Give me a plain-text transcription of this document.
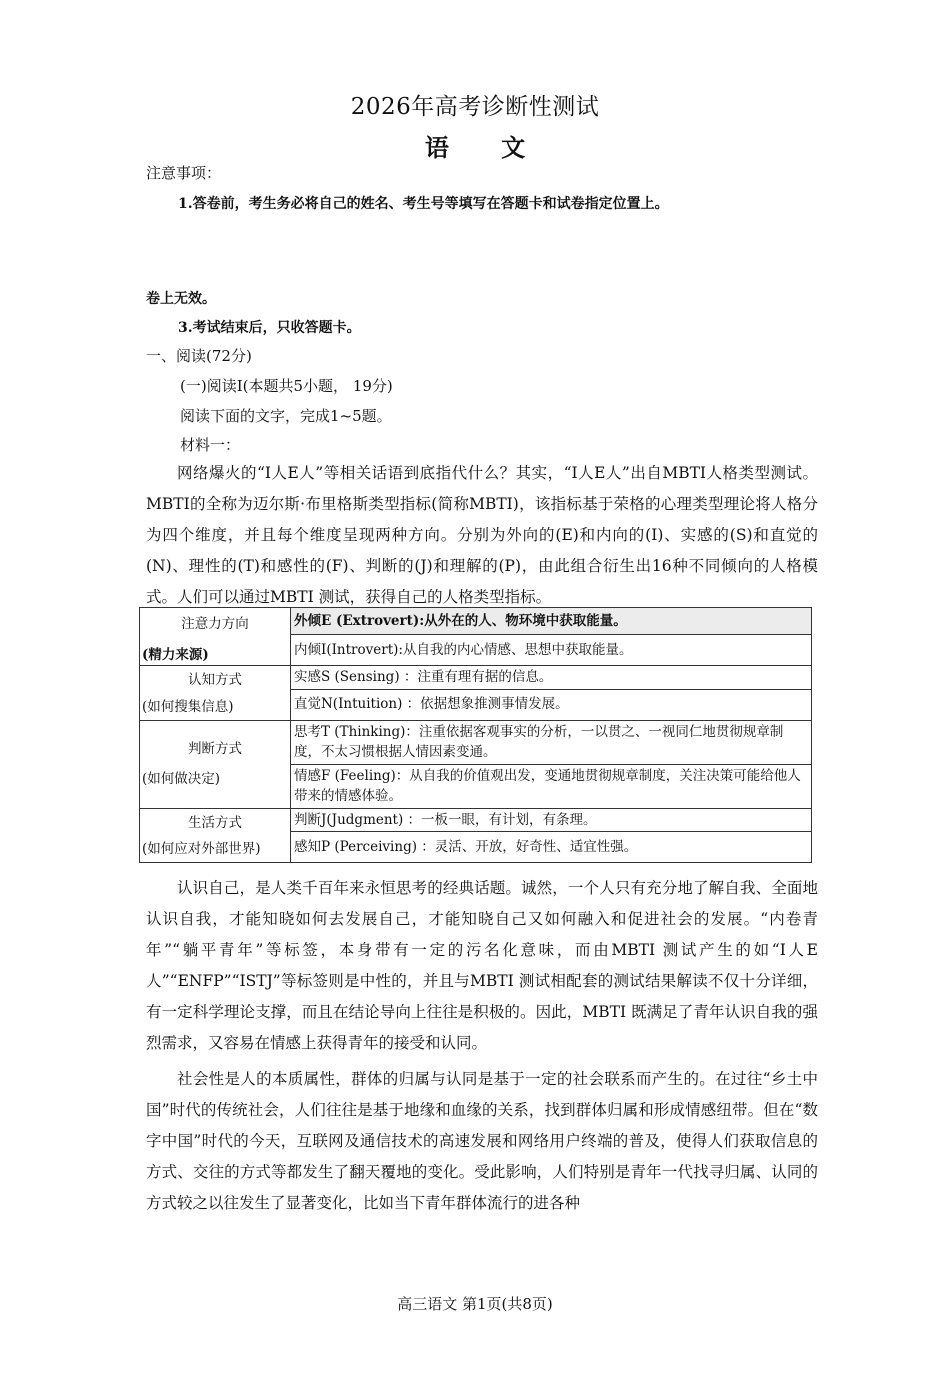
2026年高考诊断性测试
语 文
注意事项：
1.答卷前，考生务必将自己的姓名、考生号等填写在答题卡和试卷指定位置上。
卷上无效。
3.考试结束后，只收答题卡。
一、阅读(72分)
(一)阅读Ⅰ(本题共5小题， 19分)
阅读下面的文字，完成1~5题。
材料一：

网络爆火的“I人E人”等相关话语到底指代什么？其实，“I人E人”出自MBTI人格类型测试。MBTI的全称为迈尔斯·布里格斯类型指标(简称MBTI)，该指标基于荣格的心理类型理论将人格分为四个维度，并且每个维度呈现两种方向。分别为外向的(E)和内向的(I)、实感的(S)和直觉的(N)、理性的(T)和感性的(F)、判断的(J)和理解的(P)，由此组合衍生出16种不同倾向的人格模式。人们可以通过MBTI 测试，获得自己的人格类型指标。

注意力方向
(精力来源)	外倾E (Extrovert):从外在的人、物环境中获取能量。
	内倾I(Introvert):从自我的内心情感、思想中获取能量。

认知方式
(如何搜集信息)	实感S (Sensing) ：注重有理有据的信息。
	直觉N(Intuition) ：依据想象推测事情发展。

判断方式
(如何做决定)	思考T (Thinking)：注重依据客观事实的分析，一以贯之、一视同仁地贯彻规章制度，不太习惯根据人情因素变通。
	情感F (Feeling)：从自我的价值观出发，变通地贯彻规章制度，关注决策可能给他人带来的情感体验。

生活方式
(如何应对外部世界)	判断J(Judgment) ：一板一眼，有计划，有条理。
	感知P (Perceiving) ：灵活、开放，好奇性、适宜性强。

认识自己，是人类千百年来永恒思考的经典话题。诚然，一个人只有充分地了解自我、全面地认识自我，才能知晓如何去发展自己，才能知晓自己又如何融入和促进社会的发展。“内卷青年”“躺平青年”等标签，本身带有一定的污名化意味，而由MBTI 测试产生的如“I人E人”“ENFP”“ISTJ”等标签则是中性的，并且与MBTI 测试相配套的测试结果解读不仅十分详细，有一定科学理论支撑，而且在结论导向上往往是积极的。因此，MBTI 既满足了青年认识自我的强烈需求，又容易在情感上获得青年的接受和认同。

社会性是人的本质属性，群体的归属与认同是基于一定的社会联系而产生的。在过往“乡土中国”时代的传统社会，人们往往是基于地缘和血缘的关系，找到群体归属和形成情感纽带。但在“数字中国”时代的今天，互联网及通信技术的高速发展和网络用户终端的普及，使得人们获取信息的方式、交往的方式等都发生了翻天覆地的变化。受此影响，人们特别是青年一代找寻归属、认同的方式较之以往发生了显著变化，比如当下青年群体流行的进各种

高三语文 第1页(共8页)
